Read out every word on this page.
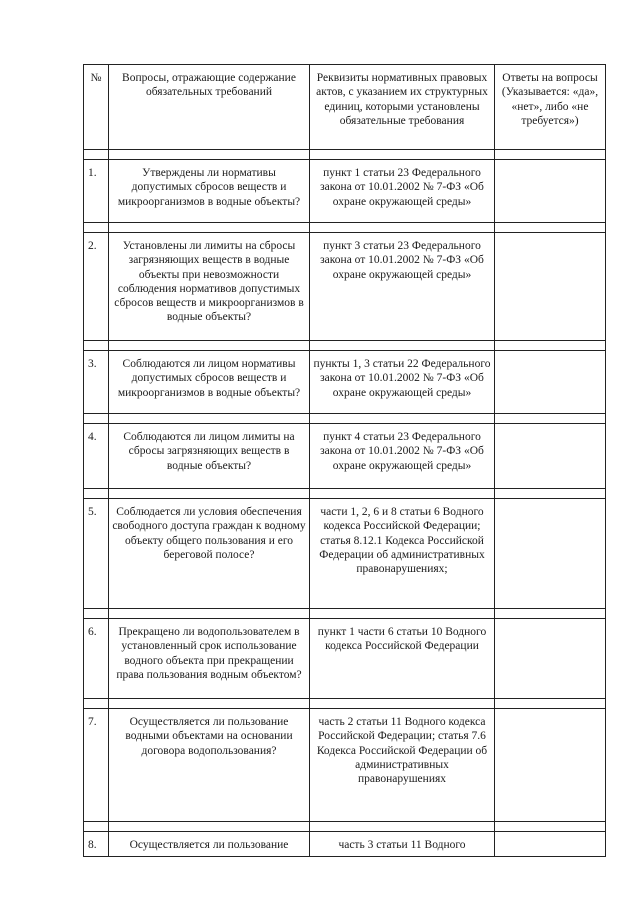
№	Вопросы, отражающие содержание обязательных требований	Реквизиты нормативных правовых актов, с указанием их структурных единиц, которыми установлены обязательные требования	Ответы на вопросы (Указывается: «да», «нет», либо «не требуется»)

1.	Утверждены ли нормативы допустимых сбросов веществ и микроорганизмов в водные объекты?	пункт 1 статьи 23 Федерального закона от 10.01.2002 № 7-ФЗ «Об охране окружающей среды»	

2.	Установлены ли лимиты на сбросы загрязняющих веществ в водные объекты при невозможности соблюдения нормативов допустимых сбросов веществ и микроорганизмов в водные объекты?	пункт 3 статьи 23 Федерального закона от 10.01.2002 № 7-ФЗ «Об охране окружающей среды»	

3.	Соблюдаются ли лицом нормативы допустимых сбросов веществ и микроорганизмов в водные объекты?	пункты 1, 3 статьи 22 Федерального закона от 10.01.2002 № 7-ФЗ «Об охране окружающей среды»	

4.	Соблюдаются ли лицом лимиты на сбросы загрязняющих веществ в водные объекты?	пункт 4 статьи 23 Федерального закона от 10.01.2002 № 7-ФЗ «Об охране окружающей среды»	

5.	Соблюдается ли условия обеспечения свободного доступа граждан к водному объекту общего пользования и его береговой полосе?	части 1, 2, 6 и 8 статьи 6 Водного кодекса Российской Федерации; статья 8.12.1 Кодекса Российской Федерации об административных правонарушениях;	

6.	Прекращено ли водопользователем в установленный срок использование водного объекта при прекращении права пользования водным объектом?	пункт 1 части 6 статьи 10 Водного кодекса Российской Федерации	

7.	Осуществляется ли пользование водными объектами на основании договора водопользования?	часть 2 статьи 11 Водного кодекса Российской Федерации; статья 7.6 Кодекса Российской Федерации об административных правонарушениях	

8.	Осуществляется ли пользование	часть 3 статьи 11 Водного	
